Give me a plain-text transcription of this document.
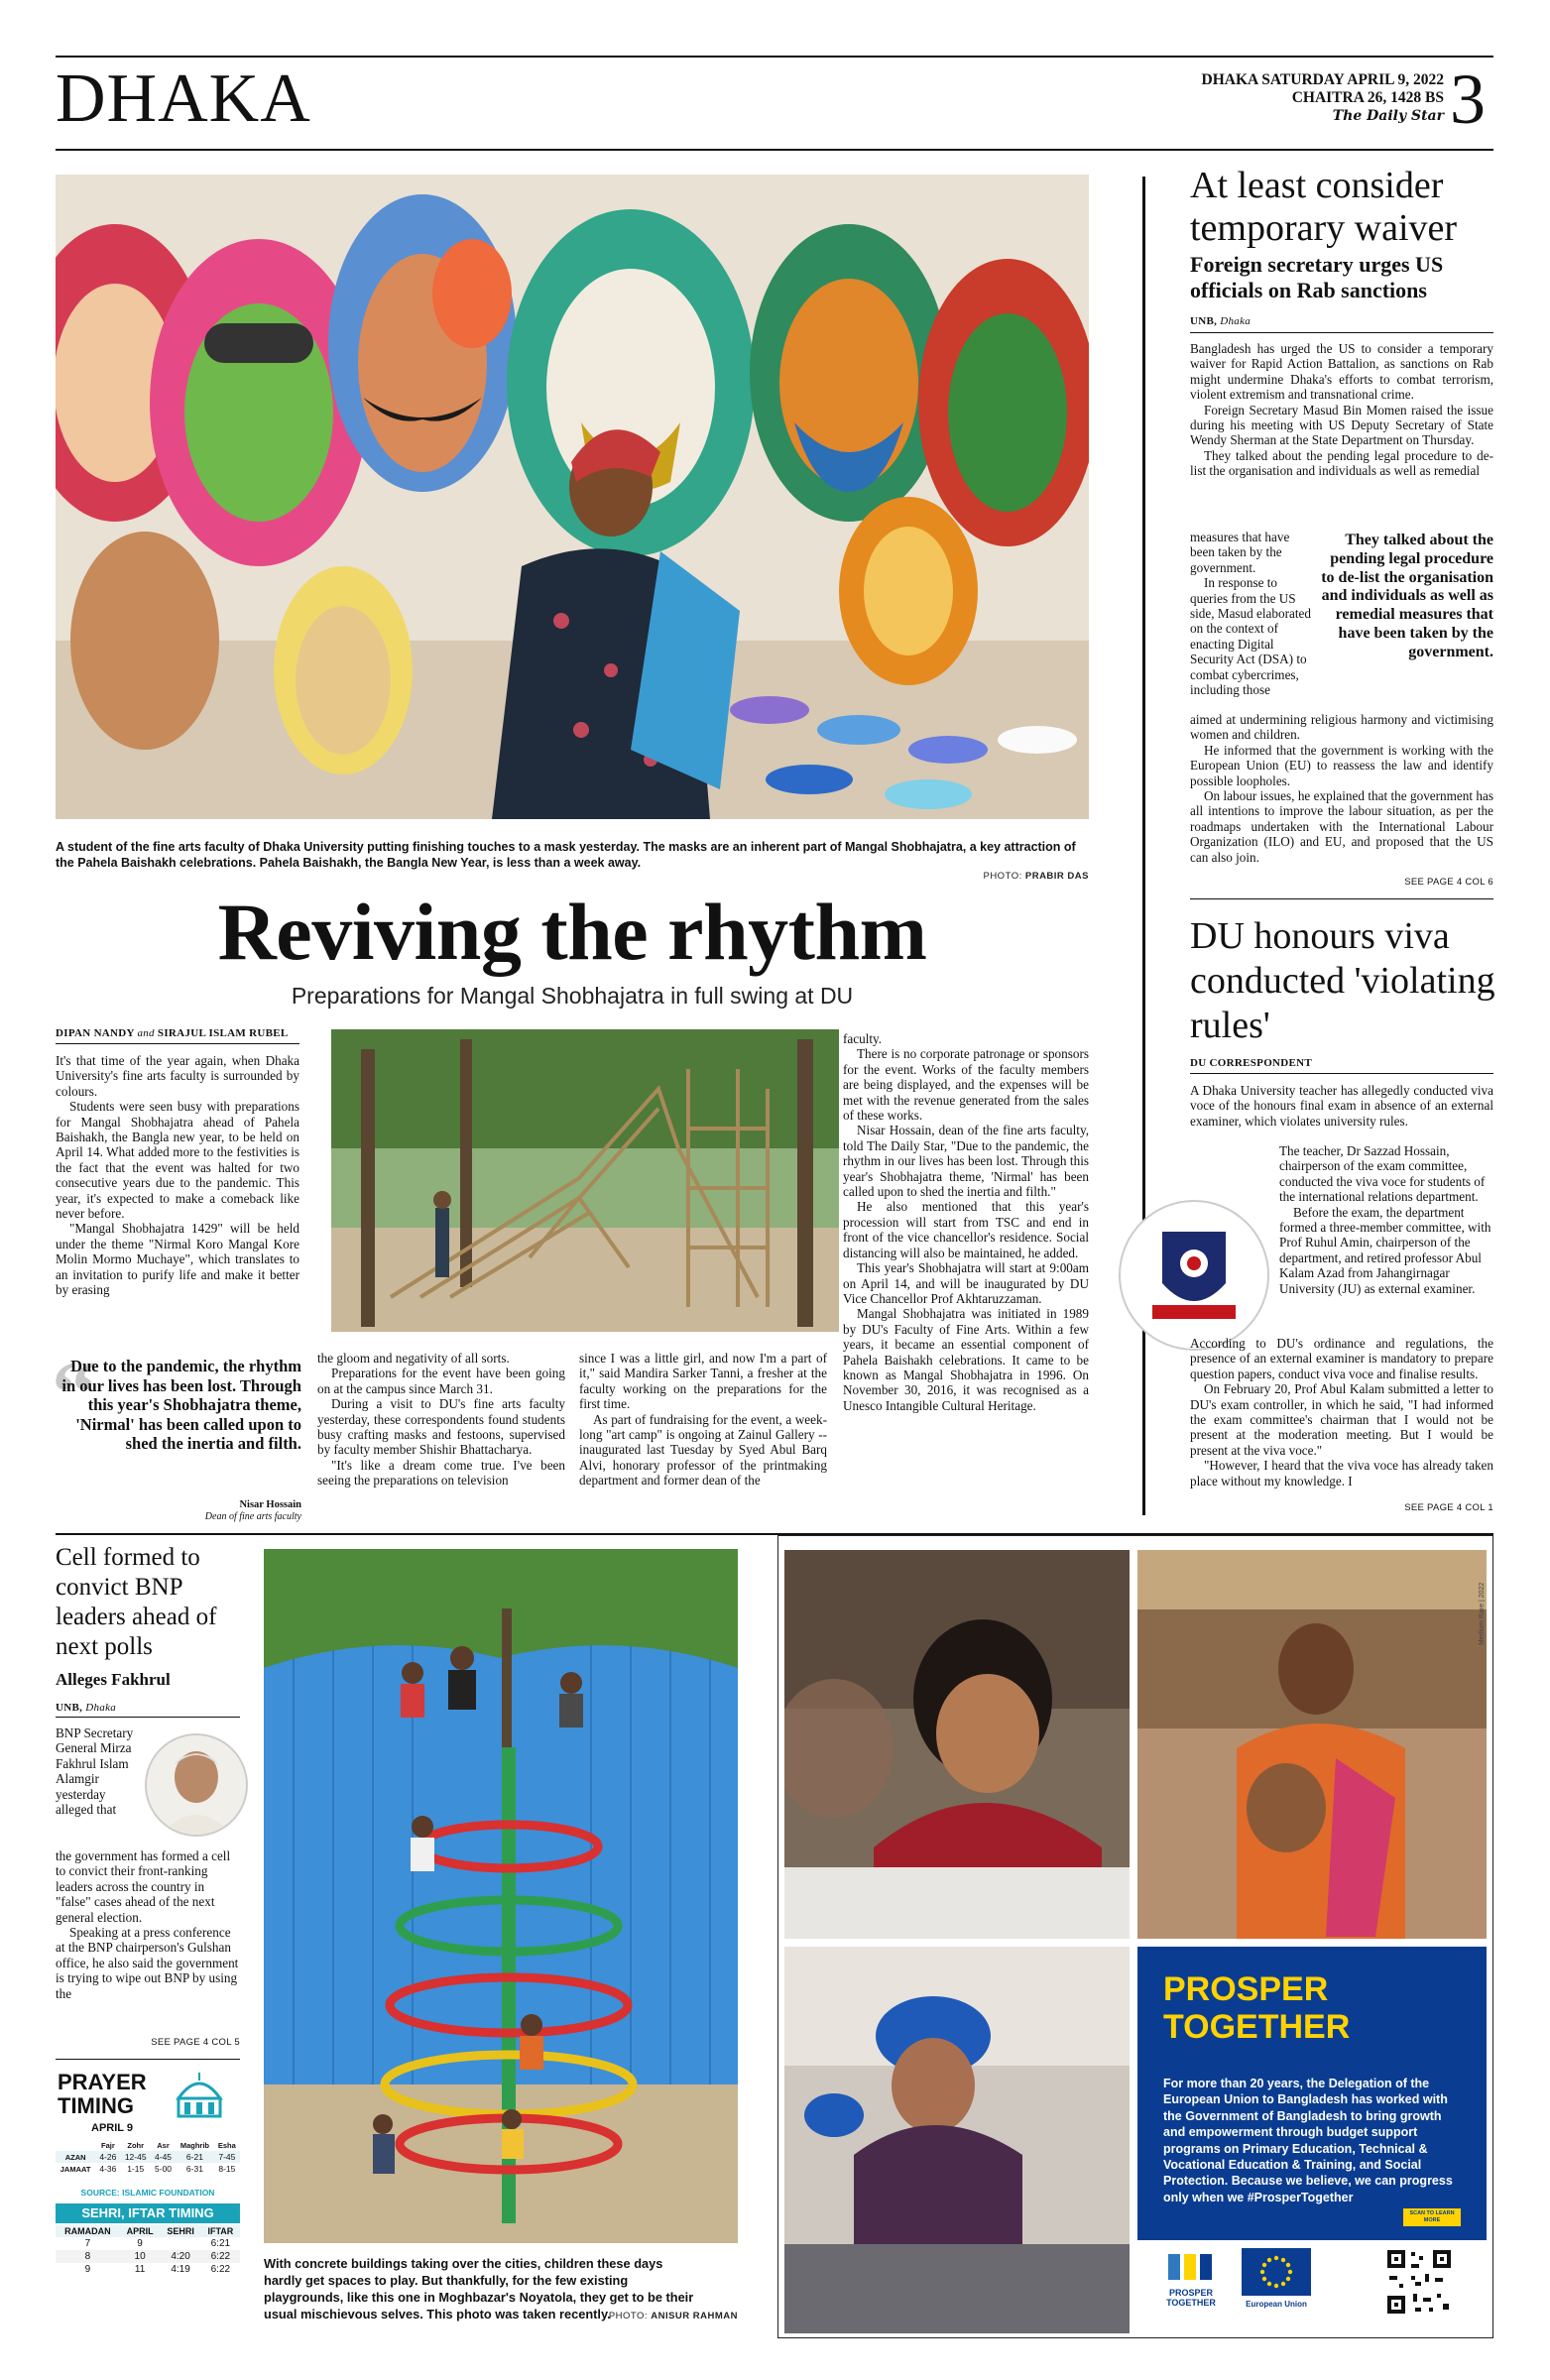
DHAKA	DHAKA SATURDAY APRIL 9, 2022
CHAITRA 26, 1428 BS
The Daily Star 3
A student of the fine arts faculty of Dhaka University putting finishing touches to a mask yesterday. The masks are an inherent part of Mangal Shobhajatra, a key attraction of the Pahela Baishakh celebrations. Pahela Baishakh, the Bangla New Year, is less than a week away.
PHOTO: PRABIR DAS
Reviving the rhythm
Preparations for Mangal Shobhajatra in full swing at DU
DIPAN NANDY and SIRAJUL ISLAM RUBEL

It's that time of the year again, when Dhaka University's fine arts faculty is surrounded by colours.

Students were seen busy with preparations for Mangal Shobhajatra ahead of Pahela Baishakh, the Bangla new year, to be held on April 14. What added more to the festivities is the fact that the event was halted for two consecutive years due to the pandemic. This year, it's expected to make a comeback like never before.

"Mangal Shobhajatra 1429" will be held under the theme "Nirmal Koro Mangal Kore Molin Mormo Muchaye", which translates to an invitation to purify life and make it better by erasing

“
Due to the pandemic, the rhythm in our lives has been lost. Through this year's Shobhajatra theme, 'Nirmal' has been called upon to shed the inertia and filth.
Nisar Hossain
Dean of fine arts faculty

the gloom and negativity of all sorts.

Preparations for the event have been going on at the campus since March 31.

During a visit to DU's fine arts faculty yesterday, these correspondents found students busy crafting masks and festoons, supervised by faculty member Shishir Bhattacharya.

"It's like a dream come true. I've been seeing the preparations on television

since I was a little girl, and now I'm a part of it," said Mandira Sarker Tanni, a fresher at the faculty working on the preparations for the first time.

As part of fundraising for the event, a week-long "art camp" is ongoing at Zainul Gallery -- inaugurated last Tuesday by Syed Abul Barq Alvi, honorary professor of the printmaking department and former dean of the

faculty.

There is no corporate patronage or sponsors for the event. Works of the faculty members are being displayed, and the expenses will be met with the revenue generated from the sales of these works.

Nisar Hossain, dean of the fine arts faculty, told The Daily Star, "Due to the pandemic, the rhythm in our lives has been lost. Through this year's Shobhajatra theme, 'Nirmal' has been called upon to shed the inertia and filth."

He also mentioned that this year's procession will start from TSC and end in front of the vice chancellor's residence. Social distancing will also be maintained, he added.

This year's Shobhajatra will start at 9:00am on April 14, and will be inaugurated by DU Vice Chancellor Prof Akhtaruzzaman.

Mangal Shobhajatra was initiated in 1989 by DU's Faculty of Fine Arts. Within a few years, it became an essential component of Pahela Baishakh celebrations. It came to be known as Mangal Shobhajatra in 1996. On November 30, 2016, it was recognised as a Unesco Intangible Cultural Heritage.

At least consider temporary waiver
Foreign secretary urges US officials on Rab sanctions
UNB, Dhaka

Bangladesh has urged the US to consider a temporary waiver for Rapid Action Battalion, as sanctions on Rab might undermine Dhaka's efforts to combat terrorism, violent extremism and transnational crime.

Foreign Secretary Masud Bin Momen raised the issue during his meeting with US Deputy Secretary of State Wendy Sherman at the State Department on Thursday.

They talked about the pending legal procedure to de-list the organisation and individuals as well as remedial

measures that have been taken by the government.

In response to queries from the US side, Masud elaborated on the context of enacting Digital Security Act (DSA) to combat cybercrimes, including those

They talked about the pending legal procedure to de-list the organisation and individuals as well as remedial measures that have been taken by the government.

aimed at undermining religious harmony and victimising women and children.

He informed that the government is working with the European Union (EU) to reassess the law and identify possible loopholes.

On labour issues, he explained that the government has all intentions to improve the labour situation, as per the roadmaps undertaken with the International Labour Organization (ILO) and EU, and proposed that the US can also join.

SEE PAGE 4 COL 6
DU honours viva conducted 'violating rules'
DU CORRESPONDENT

A Dhaka University teacher has allegedly conducted viva voce of the honours final exam in absence of an external examiner, which violates university rules.

The teacher, Dr Sazzad Hossain, chairperson of the exam committee, conducted the viva voce for students of the international relations department.

Before the exam, the department formed a three-member committee, with Prof Ruhul Amin, chairperson of the department, and retired professor Abul Kalam Azad from Jahangirnagar University (JU) as external examiner.

According to DU's ordinance and regulations, the presence of an external examiner is mandatory to prepare question papers, conduct viva voce and finalise results.

On February 20, Prof Abul Kalam submitted a letter to DU's exam controller, in which he said, "I had informed the exam committee's chairman that I would not be present at the moderation meeting. But I would be present at the viva voce."

"However, I heard that the viva voce has already taken place without my knowledge. I

SEE PAGE 4 COL 1
Cell formed to convict BNP leaders ahead of next polls
Alleges Fakhrul
UNB, Dhaka

BNP Secretary General Mirza Fakhrul Islam Alamgir yesterday alleged that

the government has formed a cell to convict their front-ranking leaders across the country in "false" cases ahead of the next general election.

Speaking at a press conference at the BNP chairperson's Gulshan office, he also said the government is trying to wipe out BNP by using the

SEE PAGE 4 COL 5
PRAYER
TIMING
APRIL 9
	Fajr	Zohr	Asr	Maghrib	Esha
AZAN	4-26	12-45	4-45	6-21	7-45
JAMAAT	4-36	1-15	5-00	6-31	8-15
SOURCE: ISLAMIC FOUNDATION
SEHRI, IFTAR TIMING
RAMADAN	APRIL	SEHRI	IFTAR
7	9		6:21
8	10	4:20	6:22
9	11	4:19	6:22	With concrete buildings taking over the cities, children these days hardly get spaces to play. But thankfully, for the few existing playgrounds, like this one in Moghbazar's Noyatola, they get to be their usual mischievous selves. This photo was taken recently.
PHOTO: ANISUR RAHMAN
PROSPER
TOGETHER
For more than 20 years, the Delegation of the European Union to Bangladesh has worked with the Government of Bangladesh to bring growth and empowerment through budget support programs on Primary Education, Technical & Vocational Education & Training, and Social Protection. Because we believe, we can progress only when we #ProsperTogether
SCAN TO LEARN MORE
PROSPER
TOGETHER	European Union
Medium Rare | 2022
